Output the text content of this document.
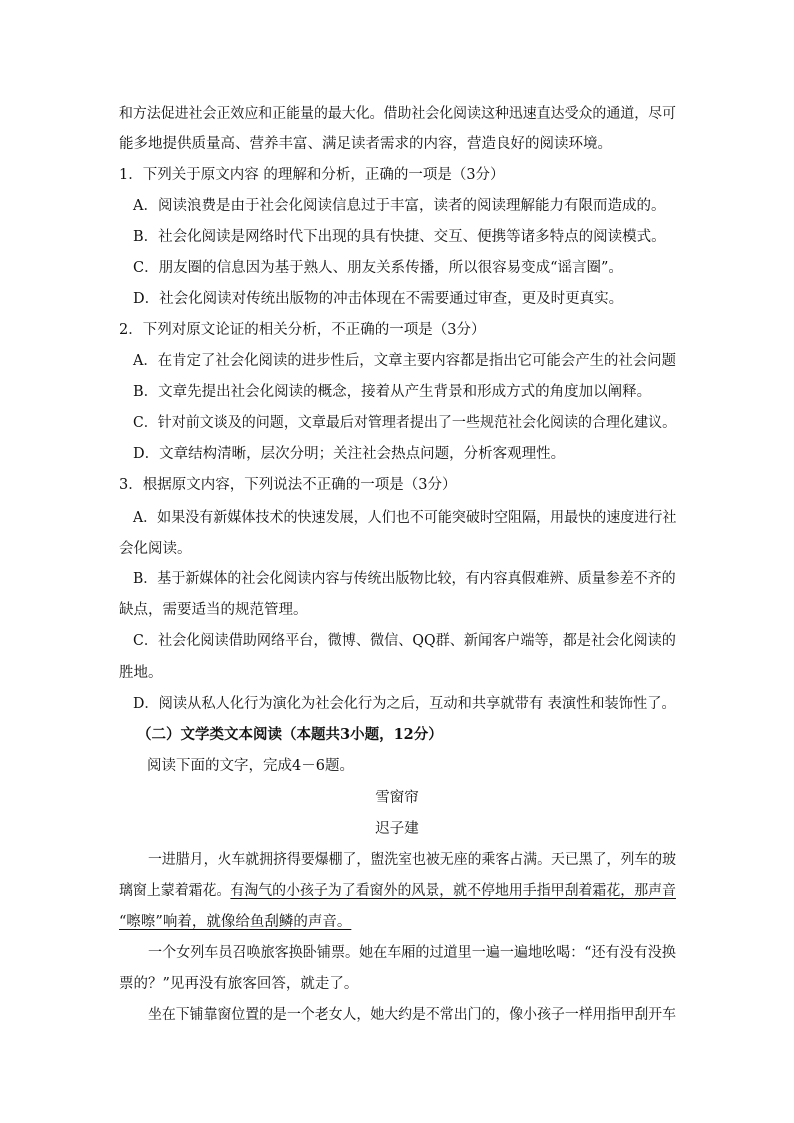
和方法促进社会正效应和正能量的最大化。借助社会化阅读这种迅速直达受众的通道，尽可
能多地提供质量高、营养丰富、满足读者需求的内容，营造良好的阅读环境。
1．下列关于原文内容 的理解和分析，正确的一项是（3分）
A．阅读浪费是由于社会化阅读信息过于丰富，读者的阅读理解能力有限而造成的。
B．社会化阅读是网络时代下出现的具有快捷、交互、便携等诸多特点的阅读模式。
C．朋友圈的信息因为基于熟人、朋友关系传播，所以很容易变成“谣言圈”。
D．社会化阅读对传统出版物的冲击体现在不需要通过审查，更及时更真实。
2．下列对原文论证的相关分析，不正确的一项是（3分）
A．在肯定了社会化阅读的进步性后，文章主要内容都是指出它可能会产生的社会问题
B．文章先提出社会化阅读的概念，接着从产生背景和形成方式的角度加以阐释。
C．针对前文谈及的问题，文章最后对管理者提出了一些规范社会化阅读的合理化建议。
D．文章结构清晰，层次分明；关注社会热点问题，分析客观理性。
3．根据原文内容，下列说法不正确的一项是（3分）
A．如果没有新媒体技术的快速发展，人们也不可能突破时空阻隔，用最快的速度进行社
会化阅读。
B．基于新媒体的社会化阅读内容与传统出版物比较，有内容真假难辨、质量参差不齐的
缺点，需要适当的规范管理。
C．社会化阅读借助网络平台，微博、微信、QQ群、新闻客户端等，都是社会化阅读的
胜地。
D．阅读从私人化行为演化为社会化行为之后，互动和共享就带有 表演性和装饰性了。
（二）文学类文本阅读（本题共3小题，12分）
阅读下面的文字，完成4－6题。
雪窗帘
迟子建
一进腊月，火车就拥挤得要爆棚了，盥洗室也被无座的乘客占满。天已黑了，列车的玻
璃窗上蒙着霜花。有淘气的小孩子为了看窗外的风景，就不停地用手指甲刮着霜花，那声音
“嚓嚓”响着，就像给鱼刮鳞的声音。
一个女列车员召唤旅客换卧铺票。她在车厢的过道里一遍一遍地吆喝：“还有没有没换
票的？”见再没有旅客回答，就走了。
坐在下铺靠窗位置的是一个老女人，她大约是不常出门的，像小孩子一样用指甲刮开车
